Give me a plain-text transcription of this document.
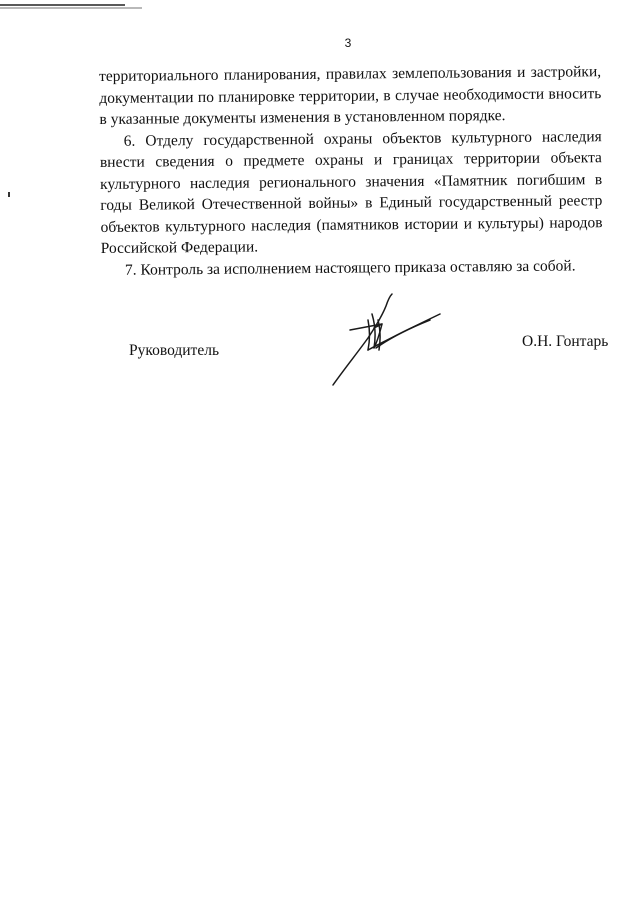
3

территориального планирования, правилах землепользования и застройки, документации по планировке территории, в случае необходимости вносить в указанные документы изменения в установленном порядке.

6. Отделу государственной охраны объектов культурного наследия внести сведения о предмете охраны и границах территории объекта культурного наследия регионального значения «Памятник погибшим в годы Великой Отечественной войны» в Единый государственный реестр объектов культурного наследия (памятников истории и культуры) народов Российской Федерации.

7. Контроль за исполнением настоящего приказа оставляю за собой.

Руководитель
О.Н. Гонтарь
